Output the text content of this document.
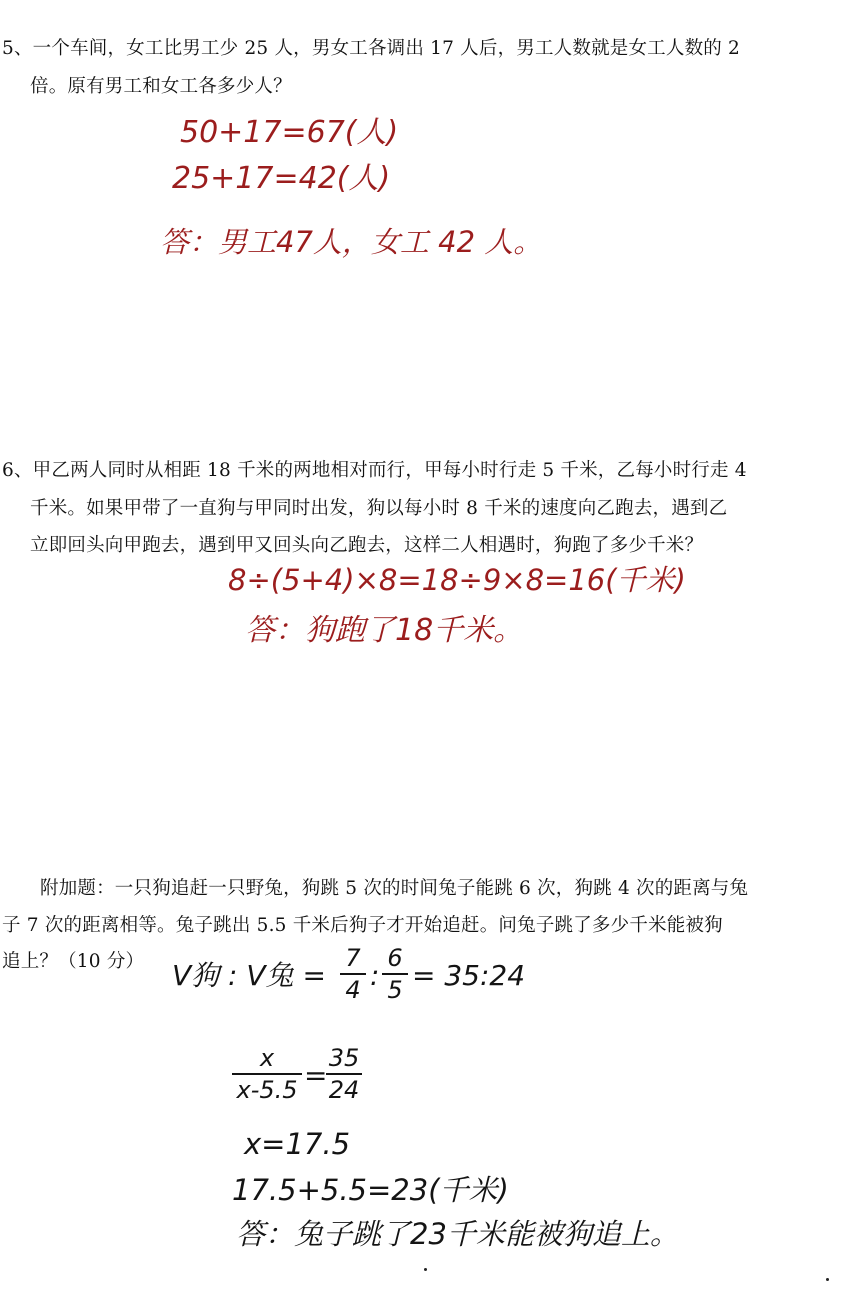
5、一个车间，女工比男工少 25 人，男女工各调出 17 人后，男工人数就是女工人数的 2
倍。原有男工和女工各多少人？
50+17=67(人)
25+17=42(人)
答：男工47人，女工 42 人。
6、甲乙两人同时从相距 18 千米的两地相对而行，甲每小时行走 5 千米，乙每小时行走 4
千米。如果甲带了一直狗与甲同时出发，狗以每小时 8 千米的速度向乙跑去，遇到乙
立即回头向甲跑去，遇到甲又回头向乙跑去，这样二人相遇时，狗跑了多少千米？
8÷(5+4)×8=18÷9×8=16(千米)
答：狗跑了18千米。
附加题：一只狗追赶一只野兔，狗跳 5 次的时间兔子能跳 6 次，狗跳 4 次的距离与兔
子 7 次的距离相等。兔子跳出 5.5 千米后狗子才开始追赶。问兔子跳了多少千米能被狗
追上？（10 分） V狗 : V兔 =
7
4 :
6
5 = 35:24
x
x-5.5 =
35
24
x=17.5
17.5+5.5=23(千米)
答：兔子跳了23千米能被狗追上。
